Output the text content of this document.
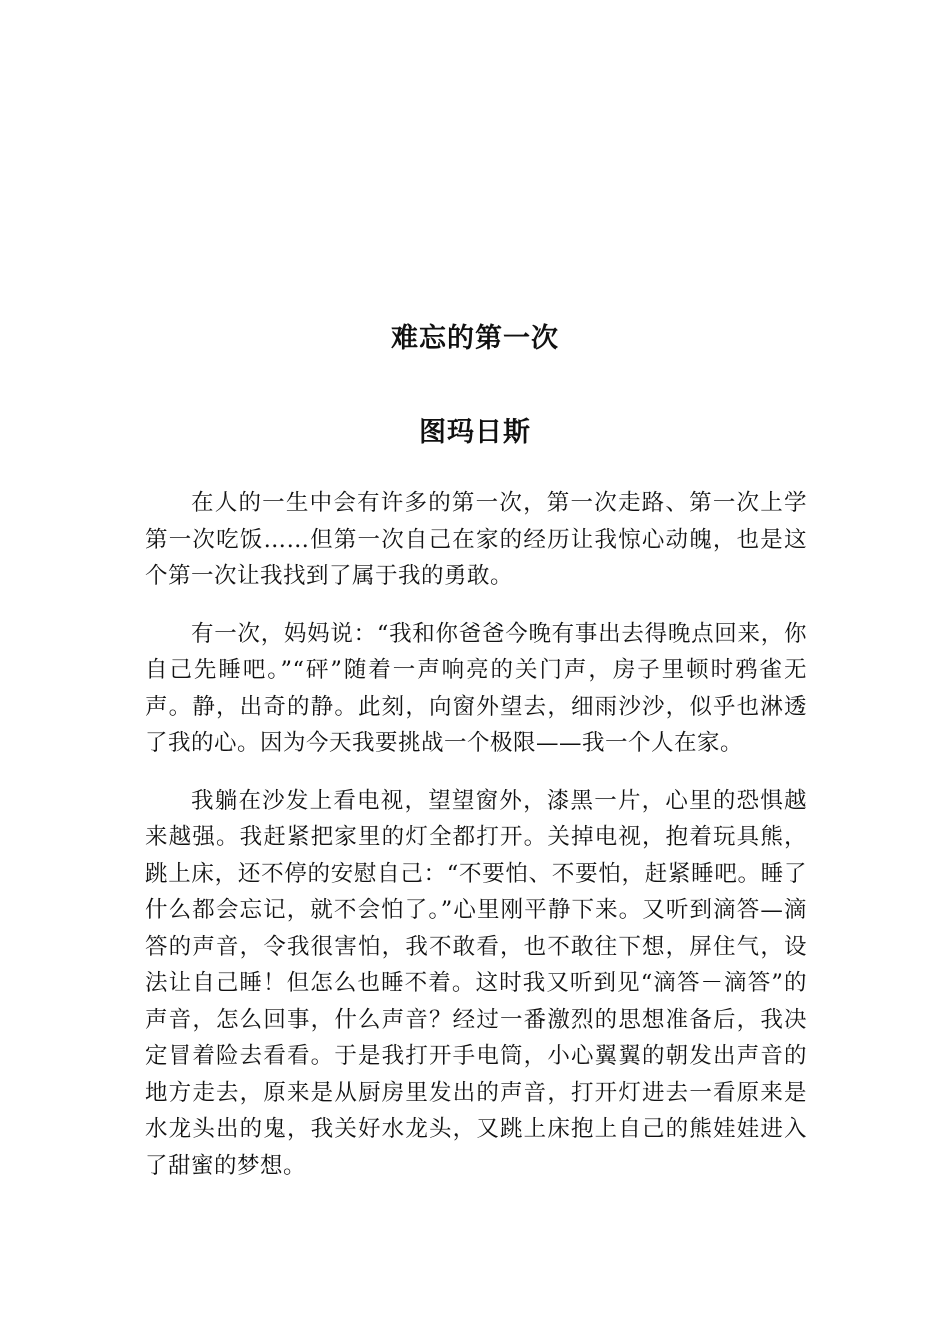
难忘的第一次
图玛日斯

在人的一生中会有许多的第一次，第一次走路、第一次上学第一次吃饭……但第一次自己在家的经历让我惊心动魄，也是这个第一次让我找到了属于我的勇敢。

有一次，妈妈说：“我和你爸爸今晚有事出去得晚点回来，你自己先睡吧。”“砰”随着一声响亮的关门声，房子里顿时鸦雀无声。静，出奇的静。此刻，向窗外望去，细雨沙沙，似乎也淋透了我的心。因为今天我要挑战一个极限——我一个人在家。

我躺在沙发上看电视，望望窗外，漆黑一片，心里的恐惧越来越强。我赶紧把家里的灯全都打开。关掉电视，抱着玩具熊，跳上床，还不停的安慰自己：“不要怕、不要怕，赶紧睡吧。睡了什么都会忘记，就不会怕了。”心里刚平静下来。又听到滴答—滴答的声音，令我很害怕，我不敢看，也不敢往下想，屏住气，设法让自己睡！但怎么也睡不着。这时我又听到见“滴答－滴答”的声音，怎么回事，什么声音？经过一番激烈的思想准备后，我决定冒着险去看看。于是我打开手电筒，小心翼翼的朝发出声音的地方走去，原来是从厨房里发出的声音，打开灯进去一看原来是水龙头出的鬼，我关好水龙头，又跳上床抱上自己的熊娃娃进入了甜蜜的梦想。
